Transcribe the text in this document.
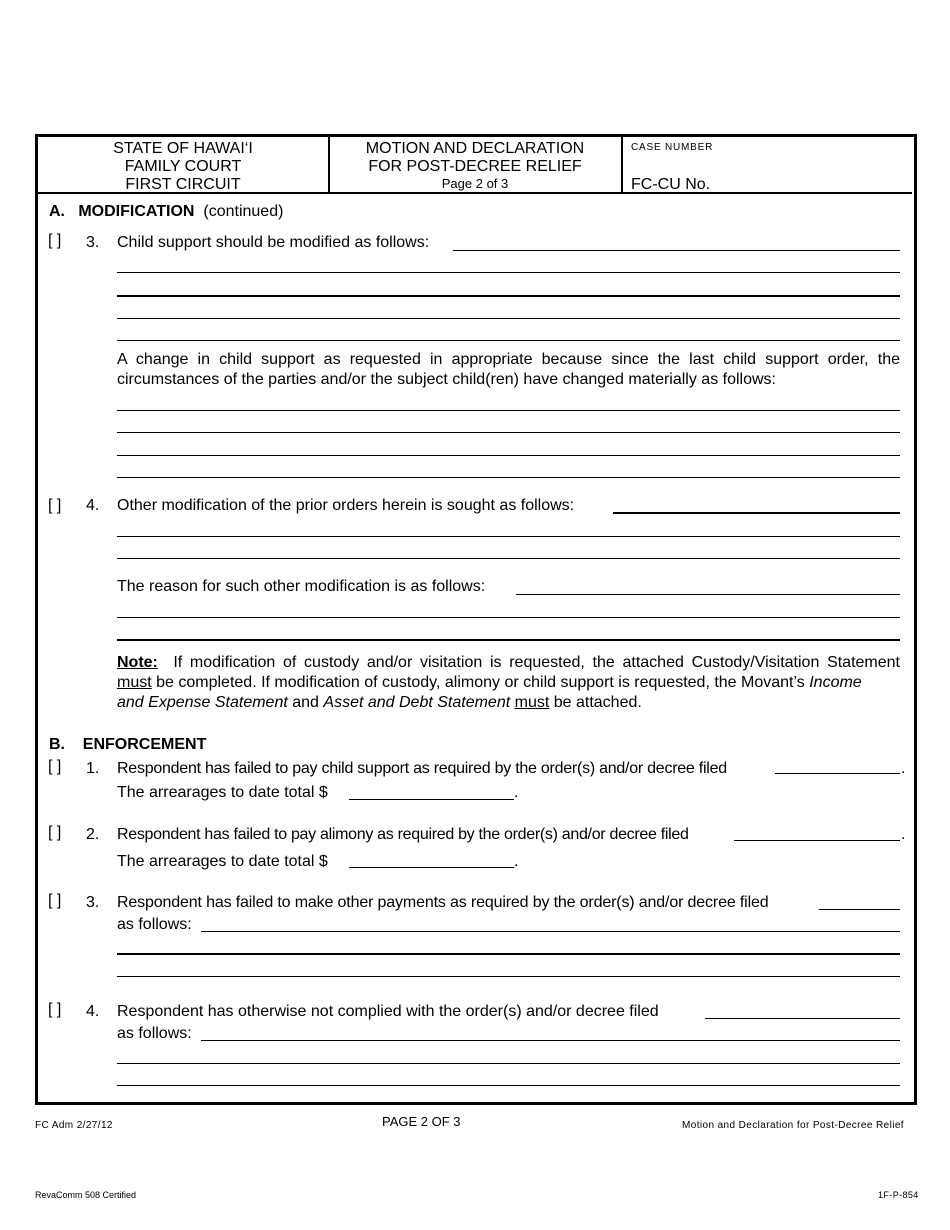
STATE OF HAWAI‘I
FAMILY COURT
FIRST CIRCUIT
MOTION AND DECLARATION
FOR POST-DECREE RELIEF
Page 2 of 3
CASE NUMBER
FC-CU No.
A. MODIFICATION (continued)
[ ] 3. Child support should be modified as follows:
A change in child support as requested in appropriate because since the last child support order, the
circumstances of the parties and/or the subject child(ren) have changed materially as follows:
[ ] 4. Other modification of the prior orders herein is sought as follows:
The reason for such other modification is as follows:
Note: If modification of custody and/or visitation is requested, the attached Custody/Visitation Statement
must be completed. If modification of custody, alimony or child support is requested, the Movant’s Income
and Expense Statement and Asset and Debt Statement must be attached.
B. ENFORCEMENT
[ ] 1. Respondent has failed to pay child support as required by the order(s) and/or decree filed	.
The arrearages to date total $	.
[ ] 2. Respondent has failed to pay alimony as required by the order(s) and/or decree filed	.
The arrearages to date total $	.
[ ] 3. Respondent has failed to make other payments as required by the order(s) and/or decree filed
as follows:
[ ] 4. Respondent has otherwise not complied with the order(s) and/or decree filed
as follows:
FC Adm 2/27/12	PAGE 2 OF 3	Motion and Declaration for Post-Decree Relief
RevaComm 508 Certified	1F-P-854
